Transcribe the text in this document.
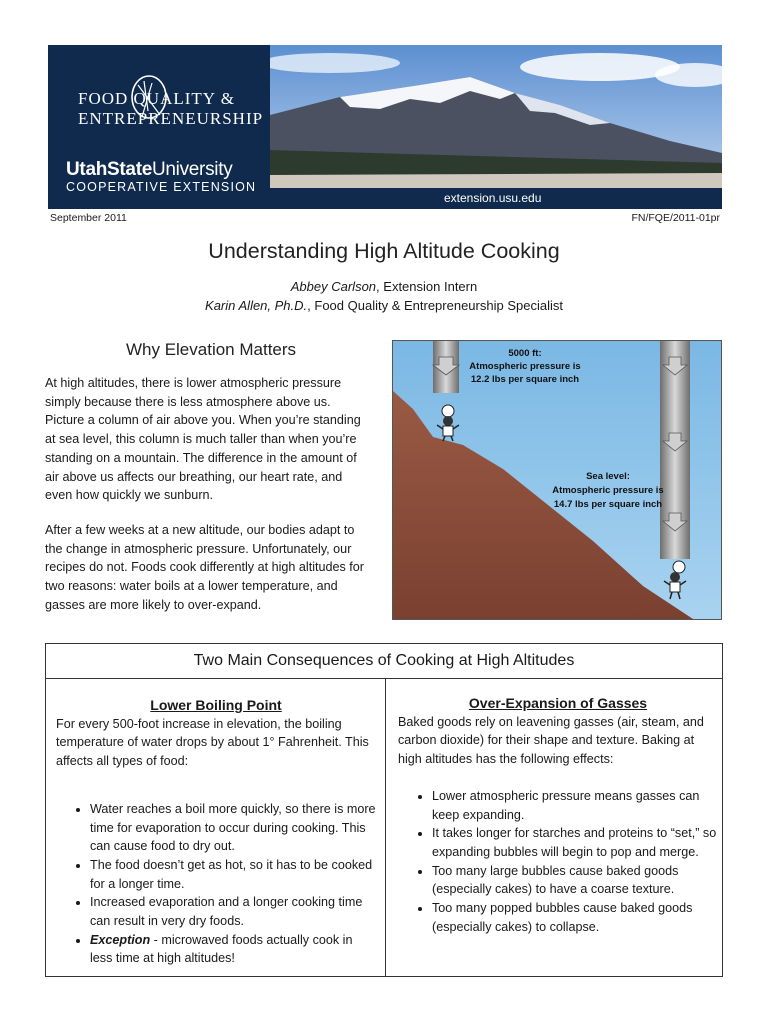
FOOD QUALITY &
ENTREPRENEURSHIP
UtahStateUniversity
COOPERATIVE EXTENSION
extension.usu.edu
September 2011	FN/FQE/2011-01pr
Understanding High Altitude Cooking
Abbey Carlson, Extension Intern
Karin Allen, Ph.D., Food Quality & Entrepreneurship Specialist
Why Elevation Matters
At high altitudes, there is lower atmospheric pressure simply because there is less atmosphere above us. Picture a column of air above you. When you’re standing at sea level, this column is much taller than when you’re standing on a mountain. The difference in the amount of air above us affects our breathing, our heart rate, and even how quickly we sunburn.
After a few weeks at a new altitude, our bodies adapt to the change in atmospheric pressure. Unfortunately, our recipes do not. Foods cook differently at high altitudes for two reasons: water boils at a lower temperature, and gasses are more likely to over-expand.
5000 ft:
Atmospheric pressure is
12.2 lbs per square inch
Sea level:
Atmospheric pressure is
14.7 lbs per square inch
Two Main Consequences of Cooking at High Altitudes
Lower Boiling Point

For every 500-foot increase in elevation, the boiling temperature of water drops by about 1° Fahrenheit. This affects all types of food:

• Water reaches a boil more quickly, so there is more time for evaporation to occur during cooking. This can cause food to dry out.
• The food doesn’t get as hot, so it has to be cooked for a longer time.
• Increased evaporation and a longer cooking time can result in very dry foods.
• Exception - microwaved foods actually cook in less time at high altitudes!
Over-Expansion of Gasses

Baked goods rely on leavening gasses (air, steam, and carbon dioxide) for their shape and texture. Baking at high altitudes has the following effects:

• Lower atmospheric pressure means gasses can keep expanding.
• It takes longer for starches and proteins to “set,” so expanding bubbles will begin to pop and merge.
• Too many large bubbles cause baked goods (especially cakes) to have a coarse texture.
• Too many popped bubbles cause baked goods (especially cakes) to collapse.
